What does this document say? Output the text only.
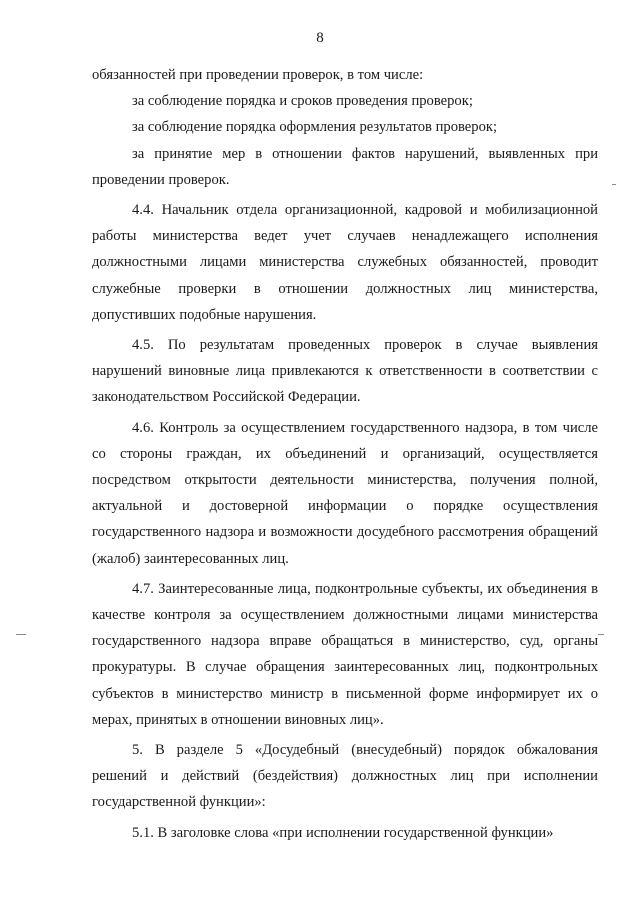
8

обязанностей при проведении проверок, в том числе:

за соблюдение порядка и сроков проведения проверок;

за соблюдение порядка оформления результатов проверок;

за принятие мер в отношении фактов нарушений, выявленных при проведении проверок.

4.4. Начальник отдела организационной, кадровой и мобилизационной работы министерства ведет учет случаев ненадлежащего исполнения должностными лицами министерства служебных обязанностей, проводит служебные проверки в отношении должностных лиц министерства, допустивших подобные нарушения.

4.5. По результатам проведенных проверок в случае выявления нарушений виновные лица привлекаются к ответственности в соответствии с законодательством Российской Федерации.

4.6. Контроль за осуществлением государственного надзора, в том числе со стороны граждан, их объединений и организаций, осуществляется посредством открытости деятельности министерства, получения полной, актуальной и достоверной информации о порядке осуществления государственного надзора и возможности досудебного рассмотрения обращений (жалоб) заинтересованных лиц.

4.7. Заинтересованные лица, подконтрольные субъекты, их объединения в качестве контроля за осуществлением должностными лицами министерства государственного надзора вправе обращаться в министерство, суд, органы прокуратуры. В случае обращения заинтересованных лиц, подконтрольных субъектов в министерство министр в письменной форме информирует их о мерах, принятых в отношении виновных лиц».

5. В разделе 5 «Досудебный (внесудебный) порядок обжалования решений и действий (бездействия) должностных лиц при исполнении государственной функции»:

5.1. В заголовке слова «при исполнении государственной функции»
